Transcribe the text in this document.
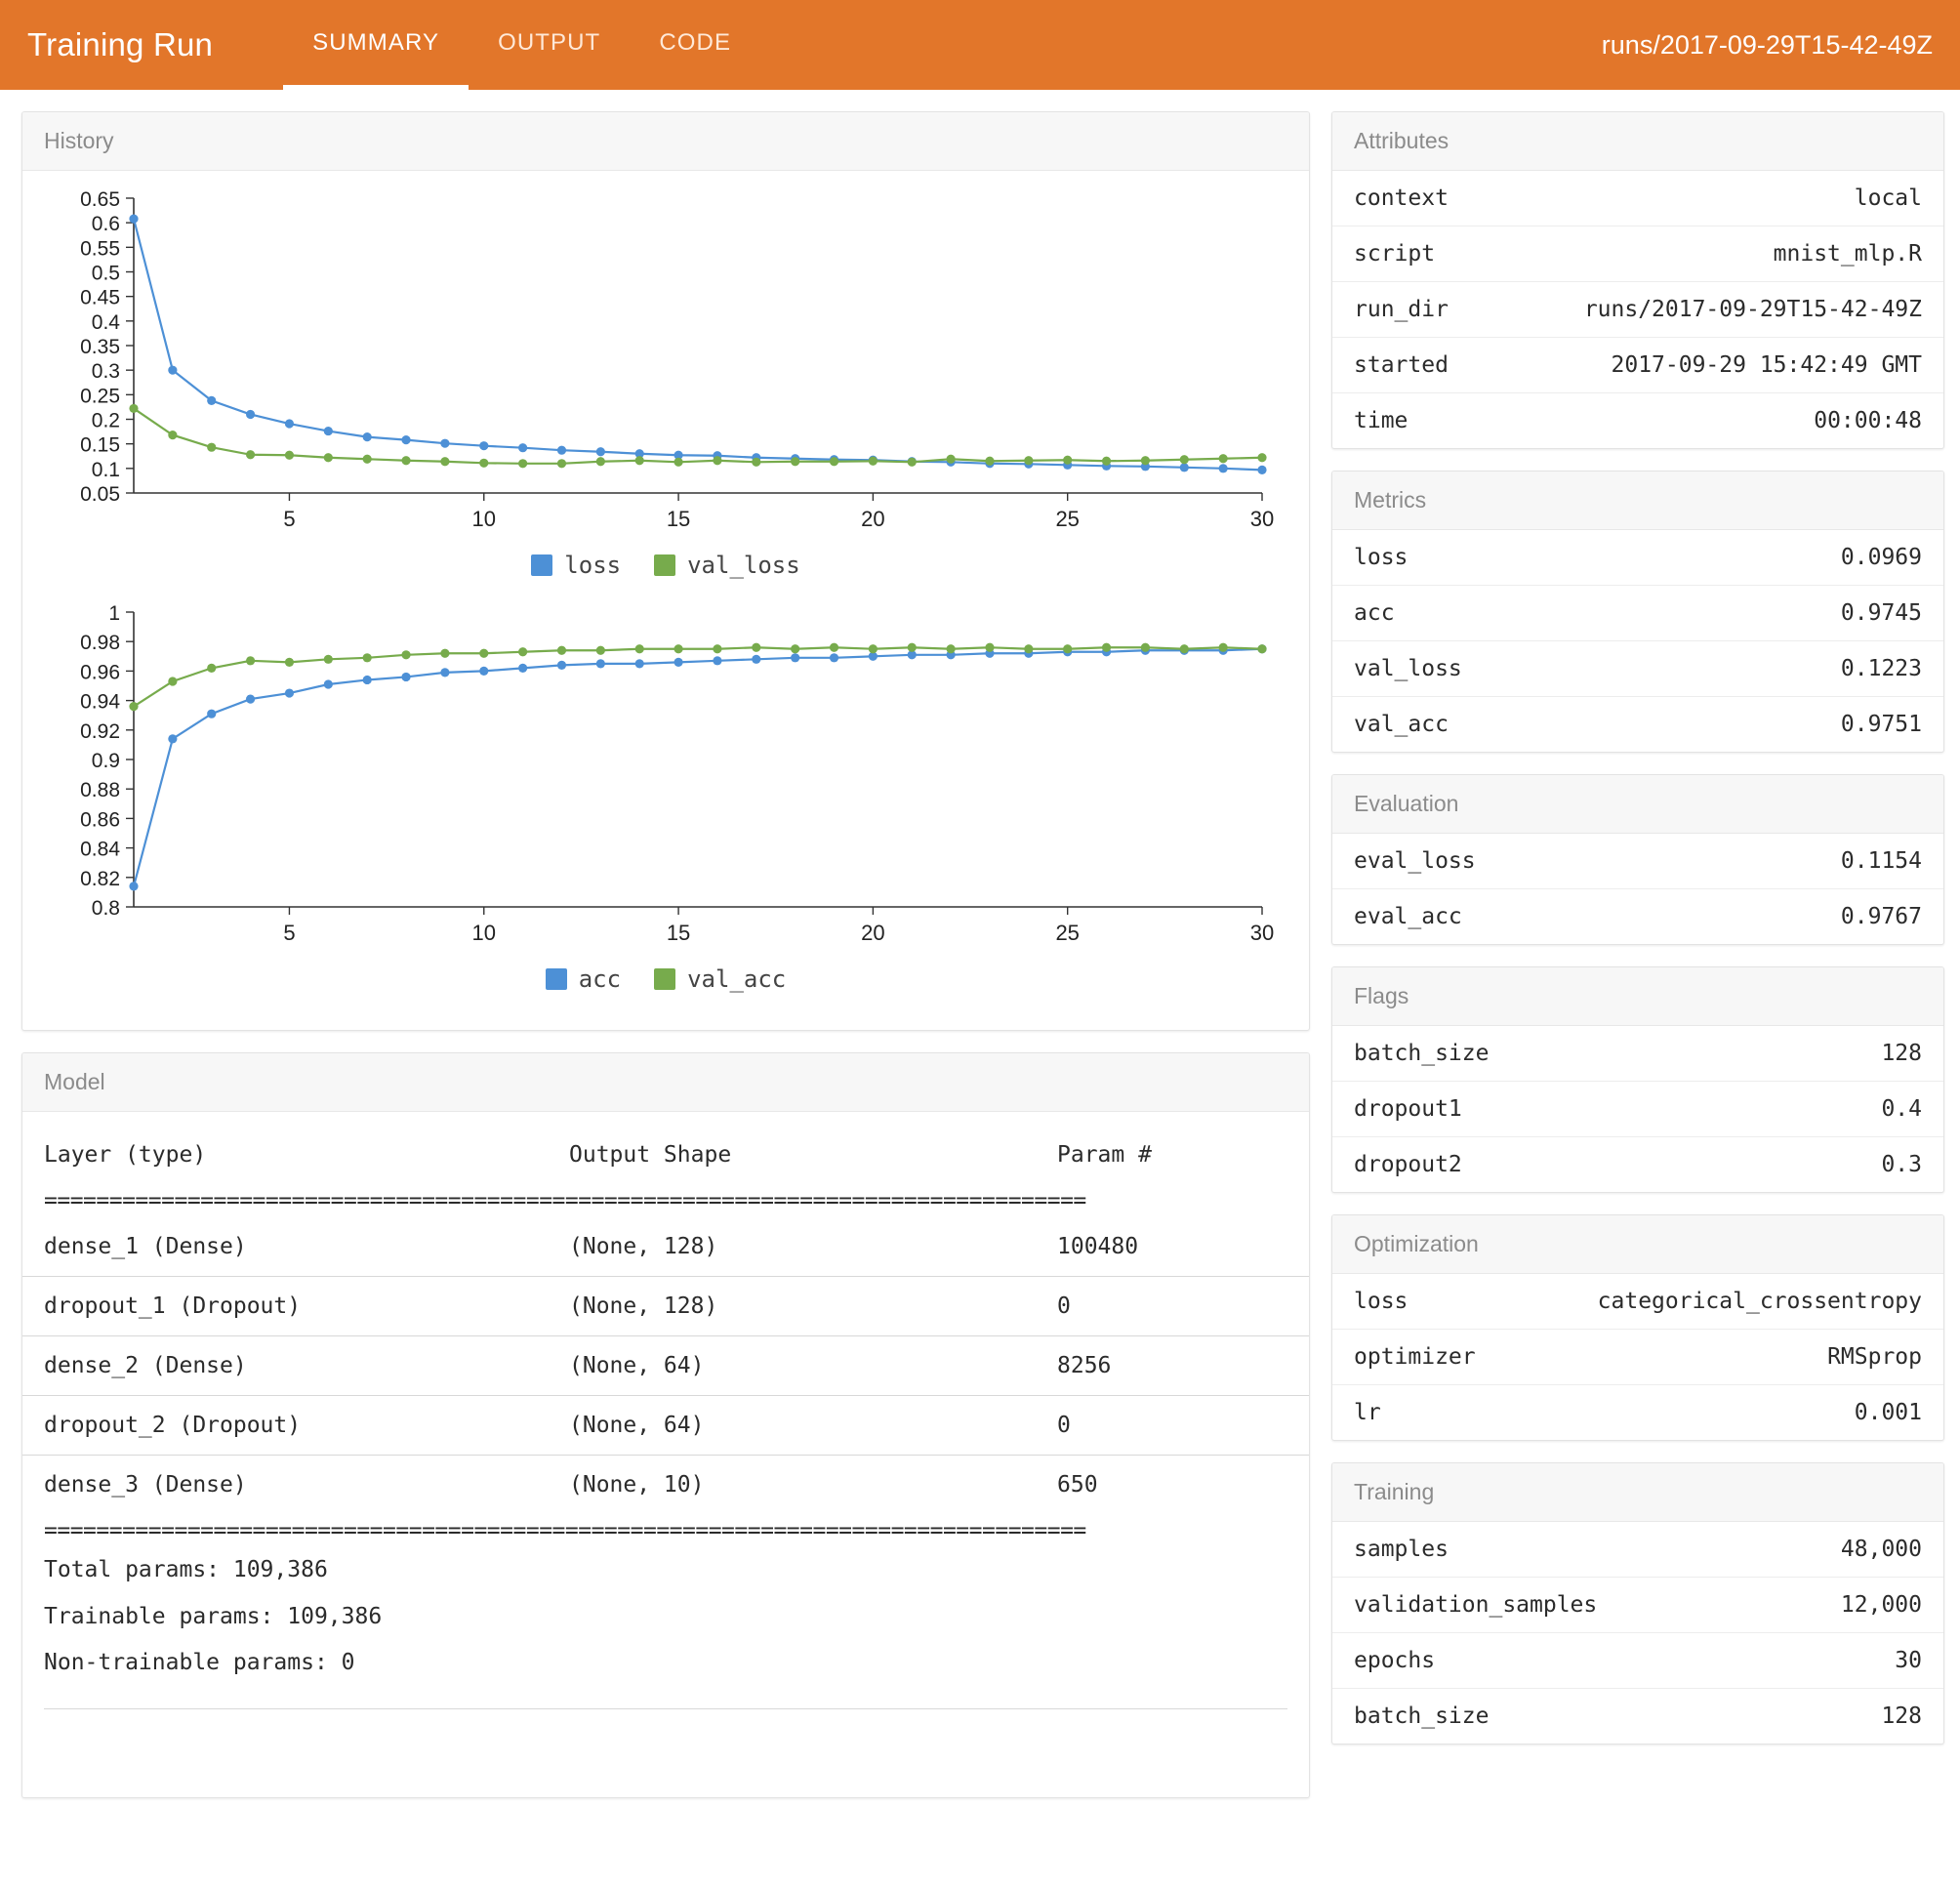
Training Run	SUMMARY	OUTPUT	CODE	runs/2017-09-29T15-42-49Z
History
0.05
0.1
0.15
0.2
0.25
0.3
0.35
0.4
0.45
0.5
0.55
0.6
0.65
5	10	15	20	25	30
loss	val_loss
0.8
0.82
0.84
0.86
0.88
0.9
0.92
0.94
0.96
0.98
1
5	10	15	20	25	30
acc	val_acc
Model
Layer (type)	Output Shape	Param #
================================================================================
dense_1 (Dense)	(None, 128)	100480
dropout_1 (Dropout)	(None, 128)	0
dense_2 (Dense)	(None, 64)	8256
dropout_2 (Dropout)	(None, 64)	0
dense_3 (Dense)	(None, 10)	650
================================================================================
Total params: 109,386
Trainable params: 109,386
Non-trainable params: 0
Attributes
context	local
script	mnist_mlp.R
run_dir	runs/2017-09-29T15-42-49Z
started	2017-09-29 15:42:49 GMT
time	00:00:48
Metrics
loss	0.0969
acc	0.9745
val_loss	0.1223
val_acc	0.9751
Evaluation
eval_loss	0.1154
eval_acc	0.9767
Flags
batch_size	128
dropout1	0.4
dropout2	0.3
Optimization
loss	categorical_crossentropy
optimizer	RMSprop
lr	0.001
Training
samples	48,000
validation_samples	12,000
epochs	30
batch_size	128
